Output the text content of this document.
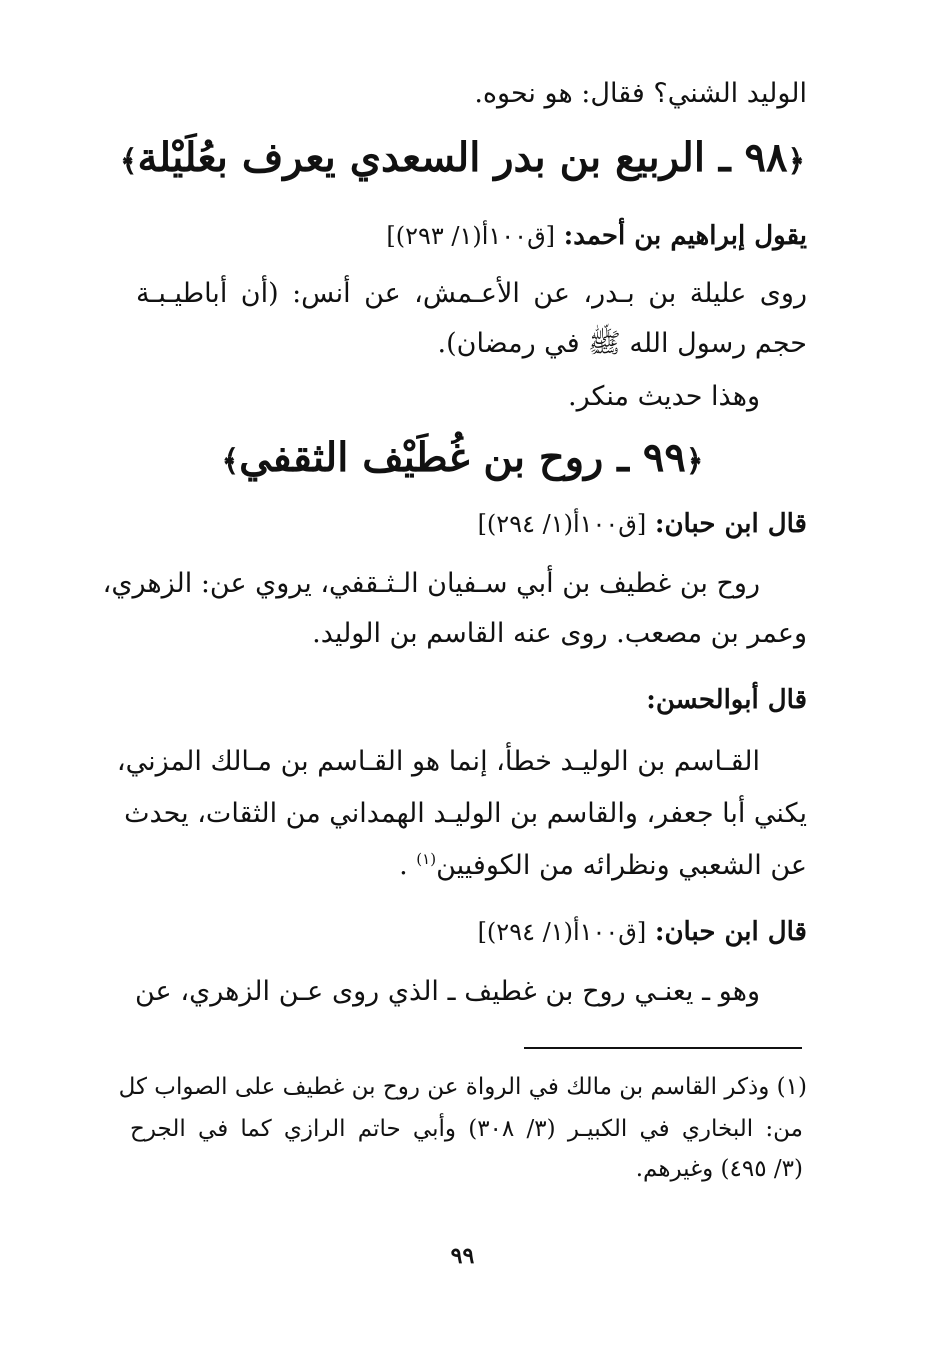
الوليد الشني؟ فقال: هو نحوه.
﴿٩٨ ـ الربيع بن بدر السعدي يعرف بعُلَيْلة﴾
يقول إبراهيم بن أحمد: [ق١٠٠أ(١/ ٢٩٣)]
روى عليلة بن بـدر، عن الأعـمش، عن أنس: (أن أباطيـبـة
حجم رسول الله ﷺ في رمضان).
وهذا حديث منكر.
﴿٩٩ ـ روح بن غُطَيْف الثقفي﴾
قال ابن حبان: [ق١٠٠أ(١/ ٢٩٤)]
روح بن غطيف بن أبي سـفيان الـثـقفي، يروي عن: الزهري،
وعمر بن مصعب. روى عنه القاسم بن الوليد.
قال أبوالحسن:
القـاسم بن الوليـد خطأ، إنما هو القـاسم بن مـالك المزني،
يكني أبا جعفر، والقاسم بن الوليـد الهمداني من الثقات، يحدث
عن الشعبي ونظرائه من الكوفيين$^{(١)}$ .
قال ابن حبان: [ق١٠٠أ(١/ ٢٩٤)]
وهو ـ يعنـي روح بن غطيف ـ الذي روى عـن الزهري، عن
(١) وذكر القاسم بن مالك في الرواة عن روح بن غطيف على الصواب كل
من: البخاري في الكبيـر (٣/ ٣٠٨) وأبي حاتم الرازي كما في الجرح
(٣/ ٤٩٥) وغيرهم.
٩٩
